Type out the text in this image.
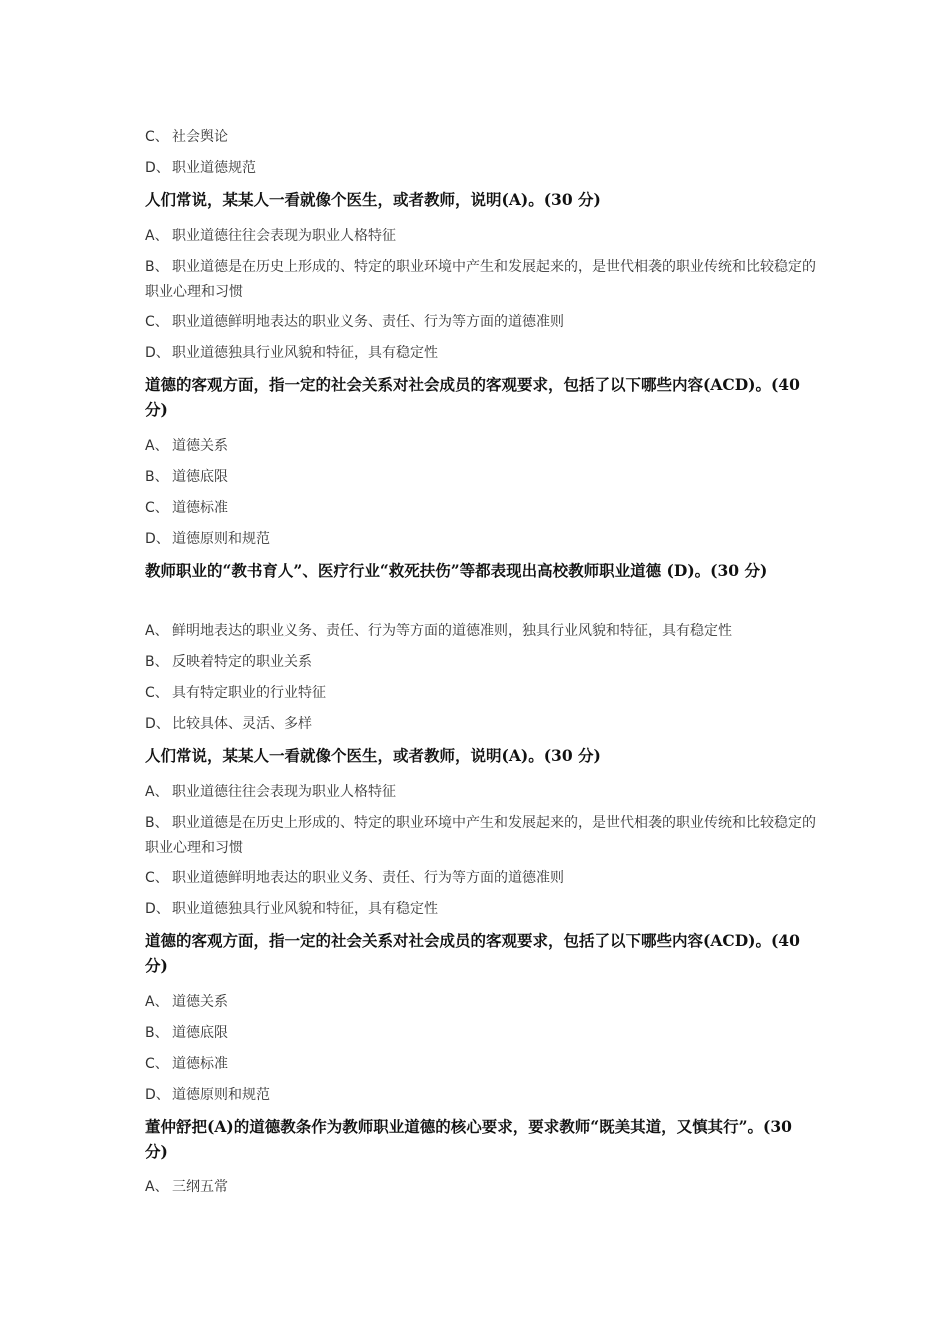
C、 社会舆论
D、 职业道德规范
人们常说，某某人一看就像个医生，或者教师，说明(A)。(30 分)
A、 职业道德往往会表现为职业人格特征
B、 职业道德是在历史上形成的、特定的职业环境中产生和发展起来的，是世代相袭的职业传统和比较稳定的职业心理和习惯
C、 职业道德鲜明地表达的职业义务、责任、行为等方面的道德准则
D、 职业道德独具行业风貌和特征，具有稳定性
道德的客观方面，指一定的社会关系对社会成员的客观要求，包括了以下哪些内容(ACD)。(40 分)
A、 道德关系
B、 道德底限
C、 道德标准
D、 道德原则和规范
教师职业的“教书育人”、医疗行业“救死扶伤”等都表现出高校教师职业道德 (D)。(30 分)
A、 鲜明地表达的职业义务、责任、行为等方面的道德准则，独具行业风貌和特征，具有稳定性
B、 反映着特定的职业关系
C、 具有特定职业的行业特征
D、 比较具体、灵活、多样
人们常说，某某人一看就像个医生，或者教师，说明(A)。(30 分)
A、 职业道德往往会表现为职业人格特征
B、 职业道德是在历史上形成的、特定的职业环境中产生和发展起来的，是世代相袭的职业传统和比较稳定的职业心理和习惯
C、 职业道德鲜明地表达的职业义务、责任、行为等方面的道德准则
D、 职业道德独具行业风貌和特征，具有稳定性
道德的客观方面，指一定的社会关系对社会成员的客观要求，包括了以下哪些内容(ACD)。(40 分)
A、 道德关系
B、 道德底限
C、 道德标准
D、 道德原则和规范
董仲舒把(A)的道德教条作为教师职业道德的核心要求，要求教师“既美其道，又慎其行”。(30 分)
A、 三纲五常
